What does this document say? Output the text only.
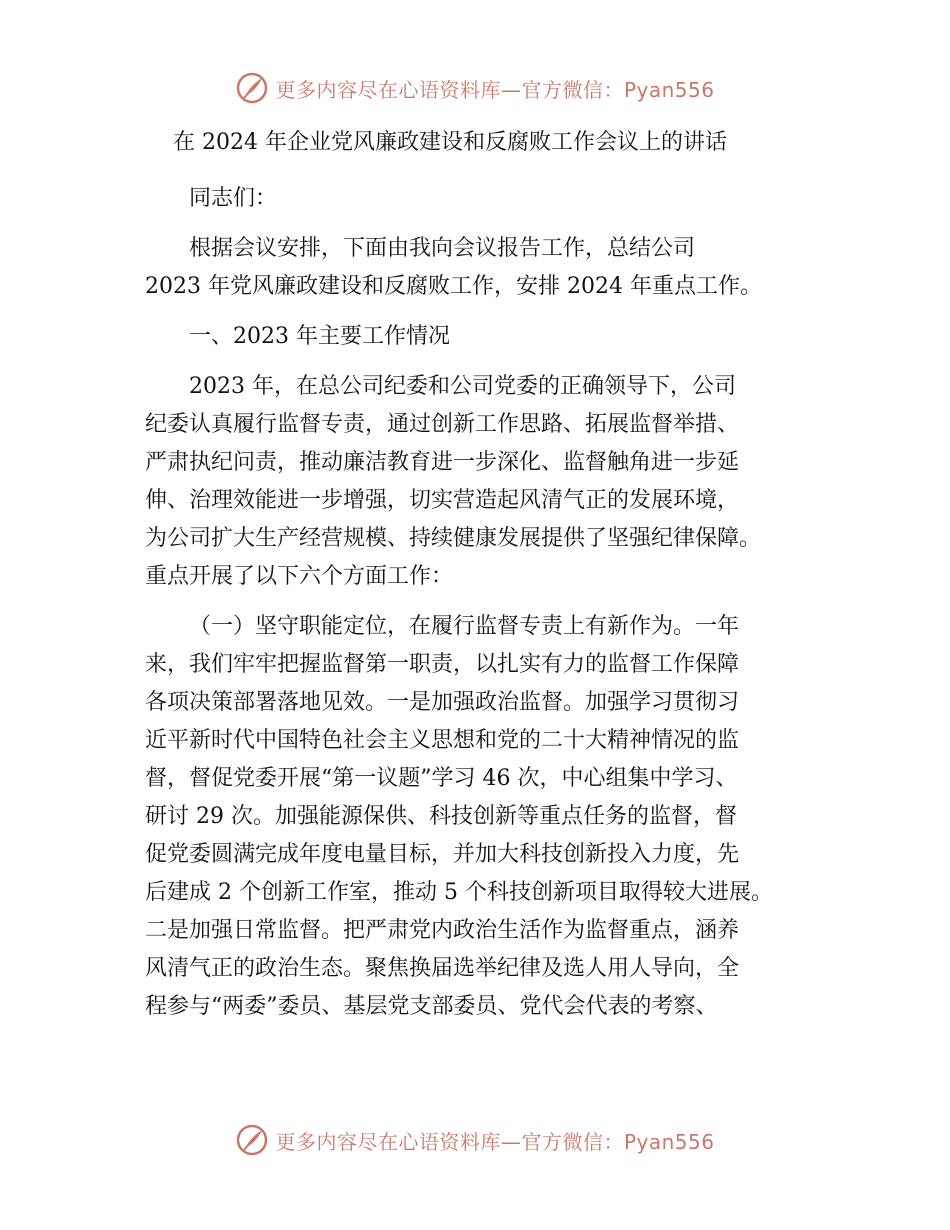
更多内容尽在心语资料库—官方微信：Pyan556
在 2024 年企业党风廉政建设和反腐败工作会议上的讲话

同志们：

根据会议安排，下面由我向会议报告工作，总结公司
2023 年党风廉政建设和反腐败工作，安排 2024 年重点工作。

一、2023 年主要工作情况

2023 年，在总公司纪委和公司党委的正确领导下，公司
纪委认真履行监督专责，通过创新工作思路、拓展监督举措、
严肃执纪问责，推动廉洁教育进一步深化、监督触角进一步延
伸、治理效能进一步增强，切实营造起风清气正的发展环境，
为公司扩大生产经营规模、持续健康发展提供了坚强纪律保障。
重点开展了以下六个方面工作：

（一）坚守职能定位，在履行监督专责上有新作为。一年
来，我们牢牢把握监督第一职责，以扎实有力的监督工作保障
各项决策部署落地见效。一是加强政治监督。加强学习贯彻习
近平新时代中国特色社会主义思想和党的二十大精神情况的监
督，督促党委开展“第一议题”学习 46 次，中心组集中学习、
研讨 29 次。加强能源保供、科技创新等重点任务的监督，督
促党委圆满完成年度电量目标，并加大科技创新投入力度，先
后建成 2 个创新工作室，推动 5 个科技创新项目取得较大进展。
二是加强日常监督。把严肃党内政治生活作为监督重点，涵养
风清气正的政治生态。聚焦换届选举纪律及选人用人导向，全
程参与“两委”委员、基层党支部委员、党代会代表的考察、

更多内容尽在心语资料库—官方微信：Pyan556
